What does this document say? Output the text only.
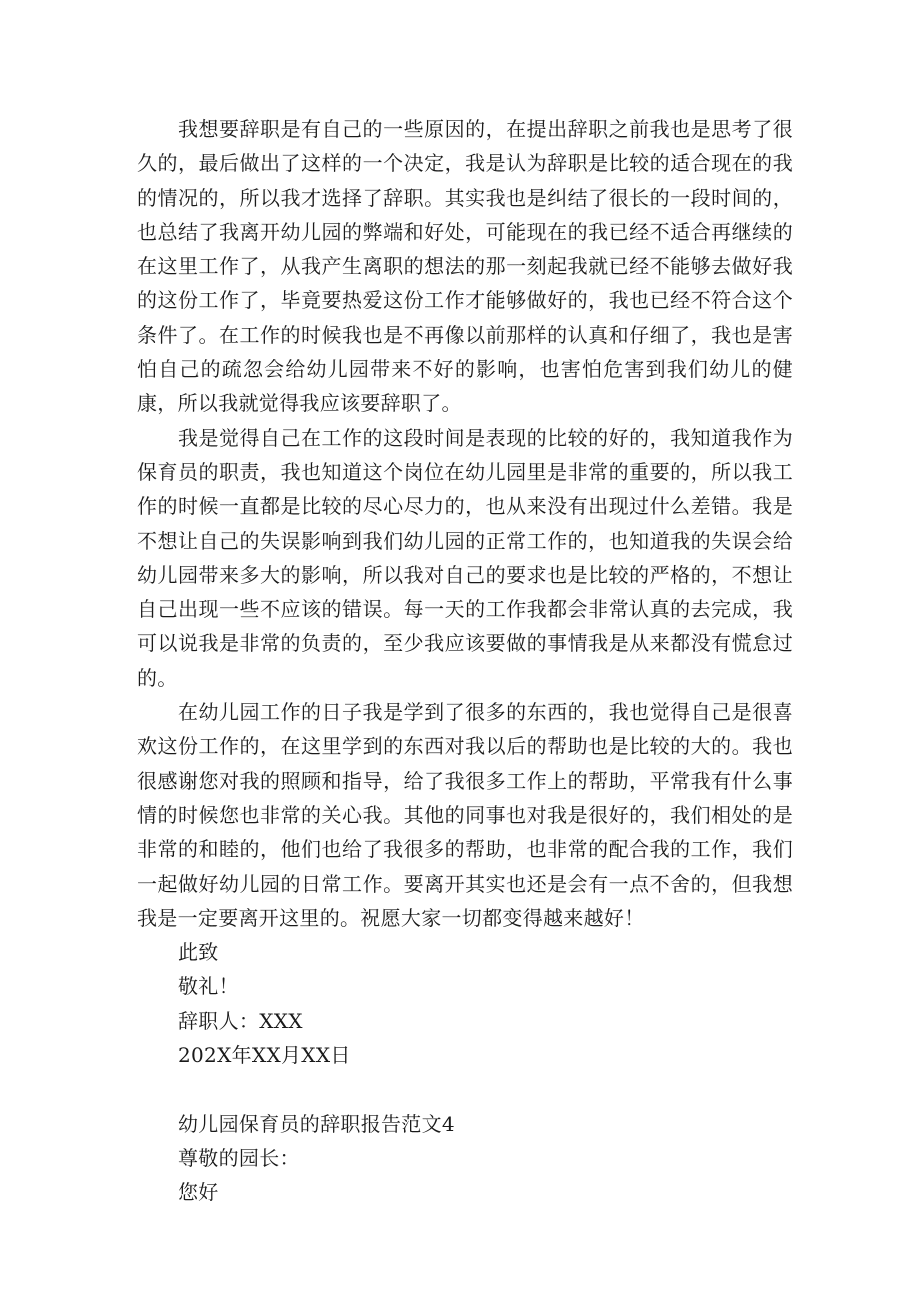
我想要辞职是有自己的一些原因的，在提出辞职之前我也是思考了很久的，最后做出了这样的一个决定，我是认为辞职是比较的适合现在的我的情况的，所以我才选择了辞职。其实我也是纠结了很长的一段时间的，也总结了我离开幼儿园的弊端和好处，可能现在的我已经不适合再继续的在这里工作了，从我产生离职的想法的那一刻起我就已经不能够去做好我的这份工作了，毕竟要热爱这份工作才能够做好的，我也已经不符合这个条件了。在工作的时候我也是不再像以前那样的认真和仔细了，我也是害怕自己的疏忽会给幼儿园带来不好的影响，也害怕危害到我们幼儿的健康，所以我就觉得我应该要辞职了。

我是觉得自己在工作的这段时间是表现的比较的好的，我知道我作为保育员的职责，我也知道这个岗位在幼儿园里是非常的重要的，所以我工作的时候一直都是比较的尽心尽力的，也从来没有出现过什么差错。我是不想让自己的失误影响到我们幼儿园的正常工作的，也知道我的失误会给幼儿园带来多大的影响，所以我对自己的要求也是比较的严格的，不想让自己出现一些不应该的错误。每一天的工作我都会非常认真的去完成，我可以说我是非常的负责的，至少我应该要做的事情我是从来都没有慌怠过的。

在幼儿园工作的日子我是学到了很多的东西的，我也觉得自己是很喜欢这份工作的，在这里学到的东西对我以后的帮助也是比较的大的。我也很感谢您对我的照顾和指导，给了我很多工作上的帮助，平常我有什么事情的时候您也非常的关心我。其他的同事也对我是很好的，我们相处的是非常的和睦的，他们也给了我很多的帮助，也非常的配合我的工作，我们一起做好幼儿园的日常工作。要离开其实也还是会有一点不舍的，但我想我是一定要离开这里的。祝愿大家一切都变得越来越好！

此致

敬礼！

辞职人：XXX

202X年XX月XX日

幼儿园保育员的辞职报告范文4

尊敬的园长：

您好
